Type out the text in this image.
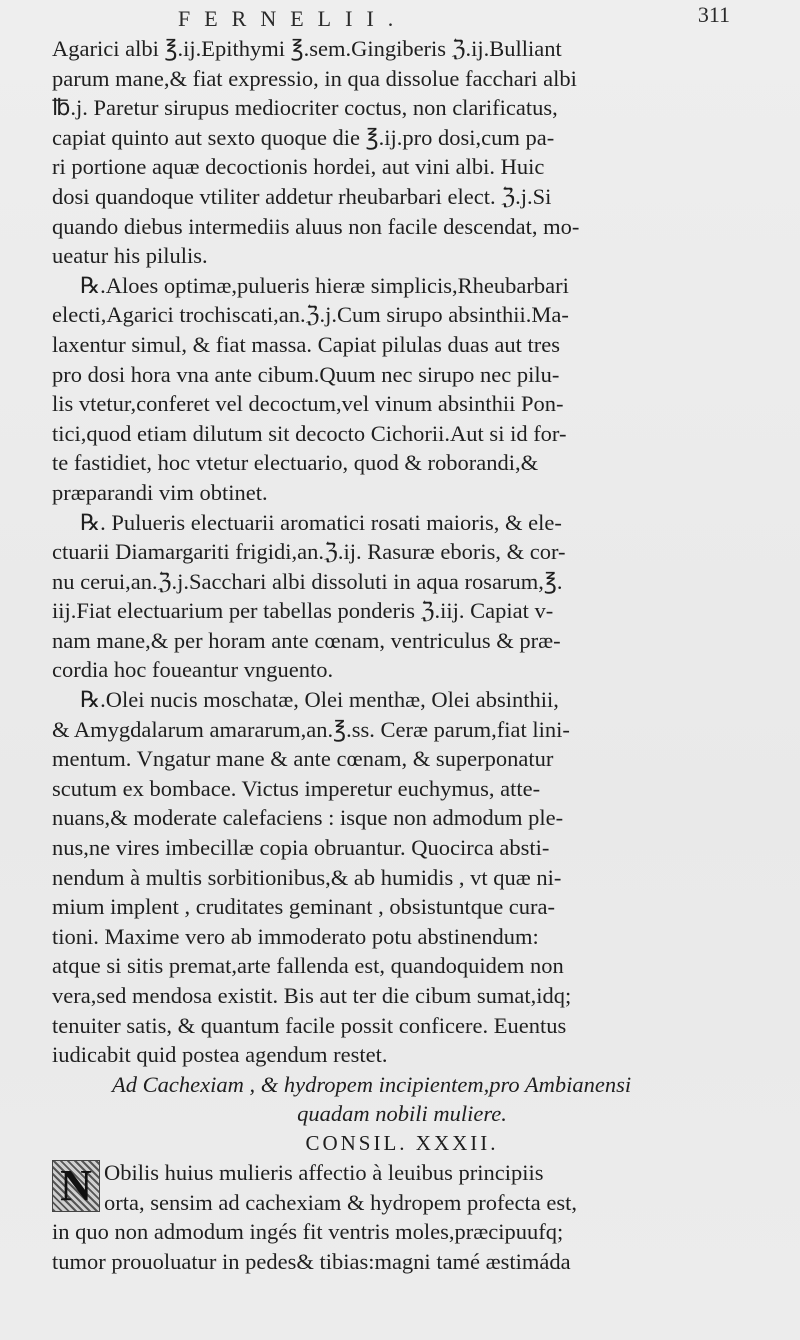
FERNELII.	311
Agarici albi ℥.ij.Epithymi ℥.sem.Gingiberis ℨ.ij.Bulliant
parum mane,& fiat expressio, in qua dissolue facchari albi
℔.j. Paretur sirupus mediocriter coctus, non clarificatus,
capiat quinto aut sexto quoque die ℥.ij.pro dosi,cum pa-
ri portione aquæ decoctionis hordei, aut vini albi. Huic
dosi quandoque vtiliter addetur rheubarbari elect. ℨ.j.Si
quando diebus intermediis aluus non facile descendat, mo-
ueatur his pilulis.
℞.Aloes optimæ,pulueris hieræ simplicis,Rheubarbari
electi,Agarici trochiscati,an.ℨ.j.Cum sirupo absinthii.Ma-
laxentur simul, & fiat massa. Capiat pilulas duas aut tres
pro dosi hora vna ante cibum.Quum nec sirupo nec pilu-
lis vtetur,conferet vel decoctum,vel vinum absinthii Pon-
tici,quod etiam dilutum sit decocto Cichorii.Aut si id for-
te fastidiet, hoc vtetur electuario, quod & roborandi,&
præparandi vim obtinet.
℞. Pulueris electuarii aromatici rosati maioris, & ele-
ctuarii Diamargariti frigidi,an.ℨ.ij. Rasuræ eboris, & cor-
nu cerui,an.ℨ.j.Sacchari albi dissoluti in aqua rosarum,℥.
iij.Fiat electuarium per tabellas ponderis ℨ.iij. Capiat v-
nam mane,& per horam ante cœnam, ventriculus & præ-
cordia hoc foueantur vnguento.
℞.Olei nucis moschatæ, Olei menthæ, Olei absinthii,
& Amygdalarum amararum,an.℥.ss. Ceræ parum,fiat lini-
mentum. Vngatur mane & ante cœnam, & superponatur
scutum ex bombace. Victus imperetur euchymus, atte-
nuans,& moderate calefaciens : isque non admodum ple-
nus,ne vires imbecillæ copia obruantur. Quocirca absti-
nendum à multis sorbitionibus,& ab humidis , vt quæ ni-
mium implent , cruditates geminant , obsistuntque cura-
tioni. Maxime vero ab immoderato potu abstinendum:
atque si sitis premat,arte fallenda est, quandoquidem non
vera,sed mendosa existit. Bis aut ter die cibum sumat,idq;
tenuiter satis, & quantum facile possit conficere. Euentus
iudicabit quid postea agendum restet.
Ad Cachexiam , & hydropem incipientem,pro Ambianensi
quadam nobili muliere.
CONSIL. XXXII.
N Obilis huius mulieris affectio à leuibus principiis
orta, sensim ad cachexiam & hydropem profecta est,
in quo non admodum ingés fit ventris moles,præcipuufq;
tumor prouoluatur in pedes& tibias:magni tamé æstimáda
